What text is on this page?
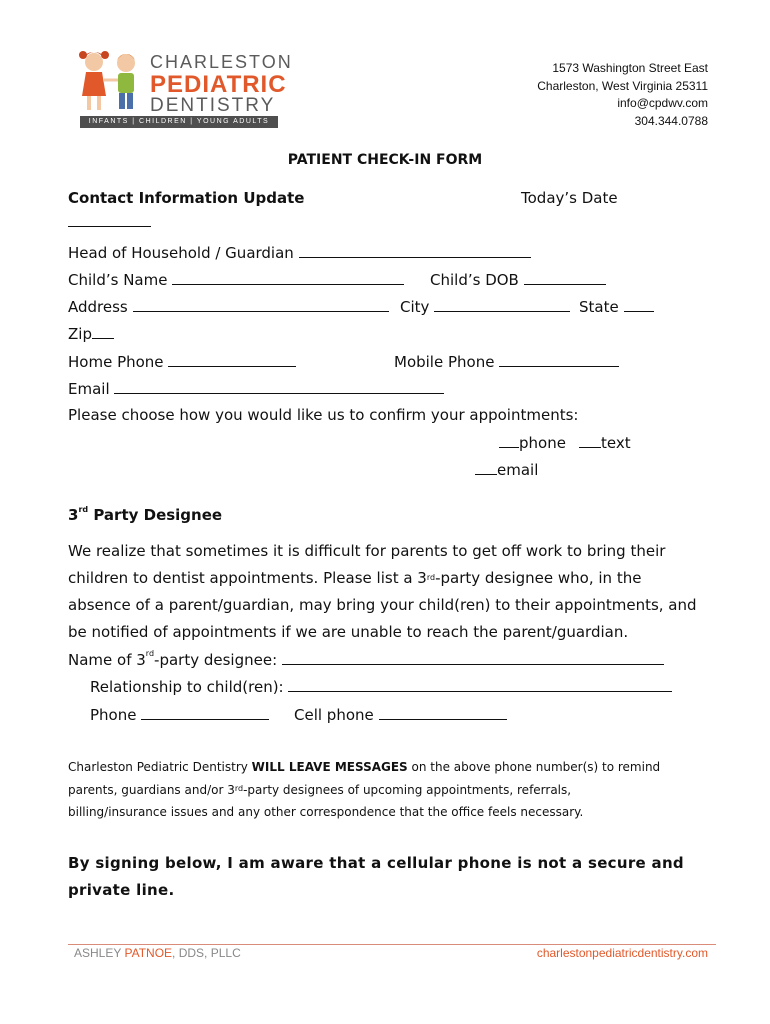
CHARLESTON
PEDIATRIC
DENTISTRY
INFANTS | CHILDREN | YOUNG ADULTS
1573 Washington Street East
Charleston, West Virginia 25311
info@cpdwv.com
304.344.0788
PATIENT CHECK-IN FORM
Contact Information Update	Today’s Date
Head of Household / Guardian
Child’s Name	Child’s DOB
Address	City	State
Zip
Home Phone	Mobile Phone
Email
Please choose how you would like us to confirm your appointments:
phone	text
email
3rd Party Designee
We realize that sometimes it is difficult for parents to get off work to bring their
children to dentist appointments. Please list a 3rd-party designee who, in the
absence of a parent/guardian, may bring your child(ren) to their appointments, and
be notified of appointments if we are unable to reach the parent/guardian.
Name of 3rd-party designee:
Relationship to child(ren):
Phone	Cell phone
Charleston Pediatric Dentistry WILL LEAVE MESSAGES on the above phone number(s) to remind
parents, guardians and/or 3rd-party designees of upcoming appointments, referrals,
billing/insurance issues and any other correspondence that the office feels necessary.
By signing below, I am aware that a cellular phone is not a secure and
private line.
ASHLEY PATNOE, DDS, PLLC	charlestonpediatricdentistry.com
